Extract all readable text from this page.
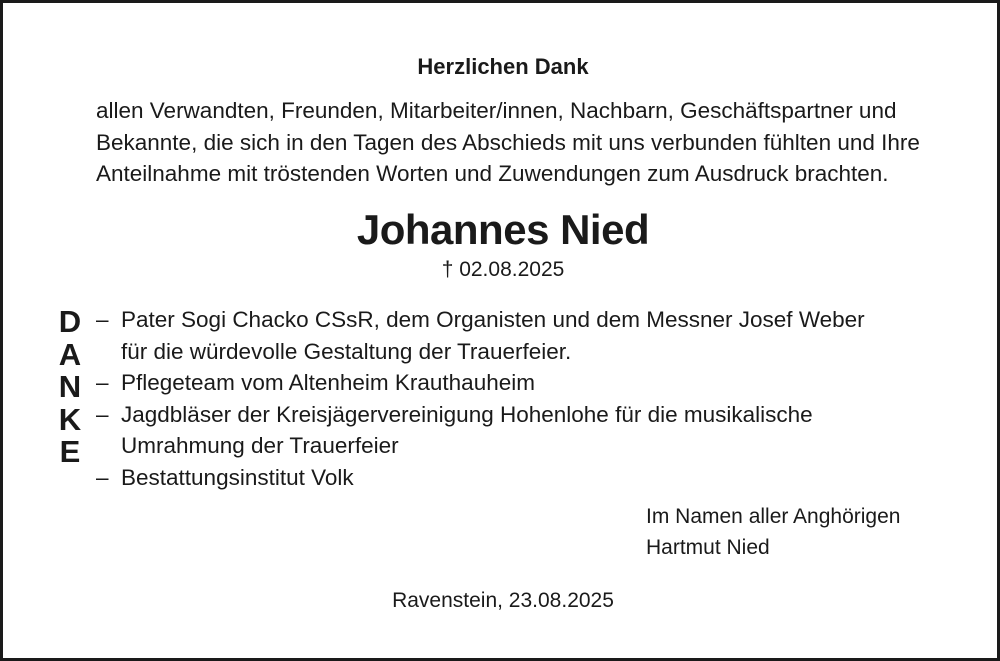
Herzlichen Dank
allen Verwandten, Freunden, Mitarbeiter/innen, Nachbarn, Geschäftspartner und
Bekannte, die sich in den Tagen des Abschieds mit uns verbunden fühlten und Ihre
Anteilnahme mit tröstenden Worten und Zuwendungen zum Ausdruck brachten.
Johannes Nied
† 02.08.2025
D
A
N
K
E
– Pater Sogi Chacko CSsR, dem Organisten und dem Messner Josef Weber
für die würdevolle Gestaltung der Trauerfeier.
– Pflegeteam vom Altenheim Krauthauheim
– Jagdbläser der Kreisjägervereinigung Hohenlohe für die musikalische
Umrahmung der Trauerfeier
– Bestattungsinstitut Volk
Im Namen aller Anghörigen
Hartmut Nied
Ravenstein, 23.08.2025
